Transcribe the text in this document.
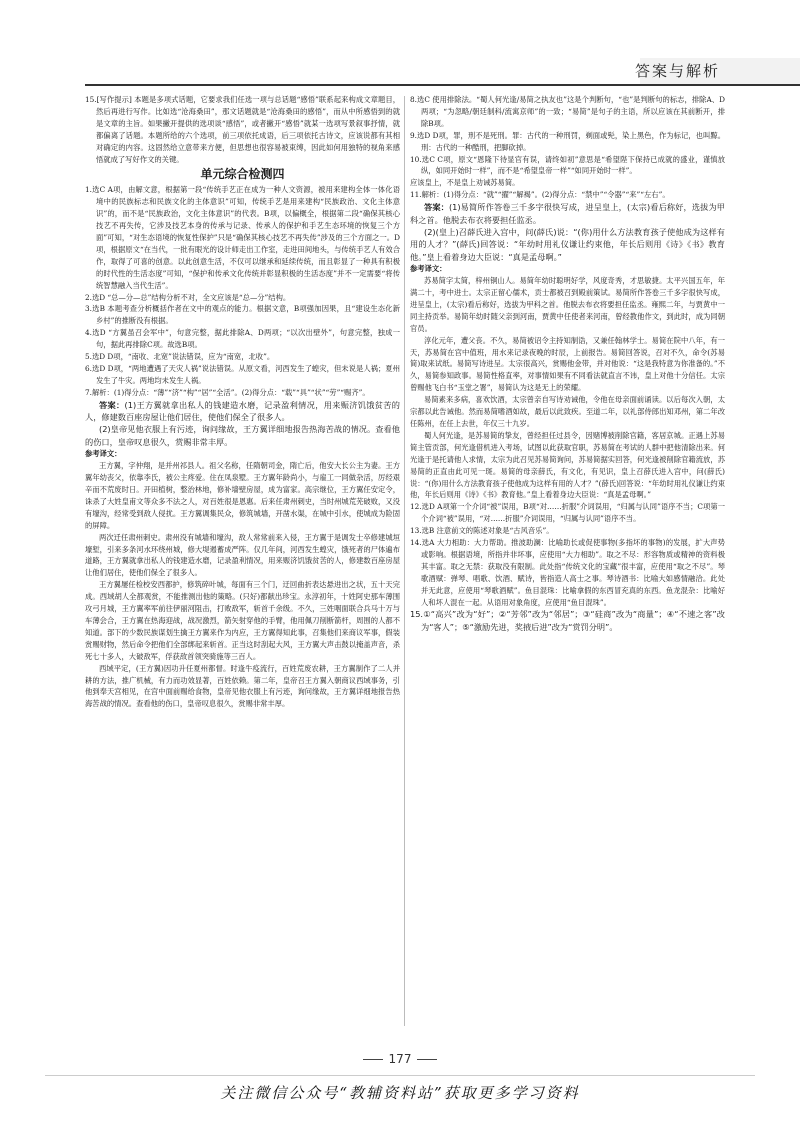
答案与解析

15.[写作提示] 本题是多项式话题，它要求我们任选一项与总话题“感悟”联系起来构成文章题目，然后再进行写作。比如选“沧海桑田”，那文话题就是“沧海桑田的感悟”，而从中所感悟到的就是文章的主旨。如果撇开提供的选项谈“感悟”，或者撇开“感悟”就某一选项写景叙事抒情，就都偏离了话题。本题所给的六个选项，前三项依托成语，后三项依托古诗文，应该说都有其相对确定的内容。这固然给立意带来方便，但思想也很容易被束缚，因此如何用独特的视角来感悟就成了写好作文的关键。

单元综合检测四

1.选C A项，由解文意，根据第一段“传统手艺正在成为一种人文资源，被用来建构全体一体化语境中的民族标志和民族文化的主体意识”可知，传统手艺是用来建构“民族政治、文化主体意识”的，而不是“民族政治，文化主体意识”的代表。B项，以偏概全，根据第二段“确保其核心技艺不再失传，它涉及技艺本身的传承与记录、传承人的保护和手艺生态环境的恢复三个方面”可知，“对生态语境的恢复性保护”只是“确保其核心技艺不再失传”涉及的三个方面之一。D项，根据原文“在当代，一批有眼光的设计师走出工作室，走进田间地头，与传统手艺人有效合作，取得了可喜的创意。以此创意生活，不仅可以继承和延续传统，而且彰显了一种具有积极的时代性的生活态度”可知，“保护和传承文化传统并彰显积极的生活态度”并不一定需要“将传统智慧融入当代生活”。

2.选D “总—分—总”结构分析不对，全文应该是“总—分”结构。

3.选B 本题考查分析概括作者在文中的观点的能力。根据文意，B项强加因果，且“建设生态化新乡村”的推断没有根据。

4.选D “方翼虽召会军中”，句意完整，据此排除A、D两项；“以次出壁外”，句意完整，独成一句，据此再排除C项。故选B项。

5.选D D项，“南收、北宽”说法错误，应为“南宽，北收”。

6.选D D项，“两地遭遇了天灾人祸”说法错误。从原文看，河西发生了蝗灾，但未说是人祸；夏州发生了牛灾。两地均未发生人祸。

7.解析：(1)得分点：“薄”“济”“构”“居”“全活”。(2)得分点：“载”“具”“状”“劳”“赐齐”。

答案：(1)王方翼就拿出私人的钱建造水磨，记录盈利情况，用来赈济饥饿贫苦的人，修建数百座房屋让他们居住，使他们保全了很多人。

(2)皇帝见他衣服上有污迹，询问缘故，王方翼详细地报告热海苦战的情况。查看他的伤口，皇帝叹息很久，赏赐非常丰厚。

参考译文：

王方翼，字仲翔，是并州祁县人。祖父名称，任隋朝司金，隋亡后，他安大长公主为妻。王方翼年幼丧父，依靠李氏，被公主疼爱。住在凤泉墅。王方翼年龄尚小，与雇工一同做杂活，厉经艰辛而不荒废时日。开田植树，整治林地，修补墙壁房屋，成为富家。高宗继位，王方翼任安定令，诛杀了大姓皇甫文等众多不法之人，对百姓很是恩惠。后来任肃州刺史，当时州城荒芜破败，又没有壕沟，经常受到敌人侵扰。王方翼调集民众，修筑城墙，开凿水渠，在城中引水，使城成为险固的屏障。

两次迁任肃州刺史。肃州没有城墙和壕沟，敌人常常前来入侵，王方翼于是调发士卒修建城垣壕堑，引来多条河水环绕州城，修大堤遏蓄成严阵。仅几年间，河西发生蝗灾，饿死者的尸体遍布道路，王方翼就拿出私人的钱建造水磨，记录盈利情况，用来赈济饥饿贫苦的人，修建数百座房屋让他们居住，使他们保全了很多人。

王方翼屡任检校安西都护，修筑碎叶城，每面有三个门，迂回曲折表达悬进出之状，五十天完成。西域胡人全都观赏，不能推测出他的策略。(只好)都献出珍宝。永淳初年，十姓阿史那车薄围攻弓月城，王方翼率军前往伊丽河阻击，打败敌军，斩首千余级。不久，三姓咽面联合兵马十万与车薄会合，王方翼在热海迎战，战况激烈，箭矢射穿他的手臂，他用佩刀削断箭杆，周围的人都不知道。部下的少数民族谋划生擒王方翼来作为内应，王方翼得知此事，召集他们来商议军事，假装赏赐财物，然后命令把他们全部绑起来斩首。正当这时刮起大风，王方翼大声击鼓以掩盖声音，杀死七十多人，大破敌军，俘获敌首领突骑施等三百人。

西域平定，(王方翼)因功升任夏州都督。时逢牛疫流行，百姓荒废农耕，王方翼制作了二人并耕的方法，推广机械，有力而功效显著，百姓依赖。第二年，皇帝召王方翼入朝商议西域事务，引他到奉天宫相见，在宫中面前赐给食物，皇帝见他衣服上有污迹，询问缘故，王方翼详细地报告热海苦战的情况。查看他的伤口，皇帝叹息很久，赏赐非常丰厚。

8.选C 使用排除法。“蜀人何光逢/易简之执友也”这是个判断句，“也”是判断句的标志，排除A、D两项；“为忽略/朝廷制科/流寓京师”的一致；“易简”是句子的主语，所以应该在其前断开，排除B项。

9.选D D项，罪，刑不是死刑。罪：古代的一种刑罚，剃面或髡，染上黑色，作为标记，也叫黥。刑：古代的一种酷刑，把脚砍掉。

10.选C C项，原文“恩隆下待显官有误，请终如初”意思是“希望陛下保持已成就的盛业，谨慎放纵，如同开始时一样”，而不是“希望皇帝一样”“如同开始时一样”。

应该皇上，不是皇上劝诫苏易简。

11.解析：(1)得分点：“就”“擢”“解褐”。(2)得分点：“禁中”“令器”“来”“左右”。

答案：(1)易简所作答卷三千多字很快写成，进呈皇上，(太宗)看后称好，选拔为甲科之首。他脱去布衣将要担任监丞。

(2)(皇上)召薛氏进入宫中，问(薛氏)说：“(你)用什么方法教育孩子使他成为这样有用的人才？”(薛氏)回答说：“年幼时用礼仪谦让约束他，年长后则用《诗》《书》教育他。”皇上看着身边大臣说：“真是孟母啊。”

参考译文：

苏易简字太简，梓州铜山人。易简年幼时聪明好学，风度奇秀，才思敏捷。太平兴国五年，年满二十，考中进士。太宗正留心儒术，贡士都被召到殿前策试。易简所作答卷三千多字很快写成，进呈皇上，(太宗)看后称好，选拔为甲科之首。他脱去布衣将要担任监丞。雍熙二年，与贾黄中一同主持贡举。易简年幼时随父亲到河南，贾黄中任使者来河南，曾经教他作文，到此时，成为同朝官员。

淳化元年，遭父丧。不久，易简被诏令主持知制诰，又兼任翰林学士。易简在院中八年，有一天，苏易简在宫中值班，用水来记录夜晚的时辰，上前报告。易简回答说，召对不久，命令(苏易简)取来试纸。易简写诗进呈。太宗很高兴，赏赐他金带，并对他说：“这是我特意为你准备的。”不久，易简参知政事。易简性格直率，对事情如果有不同看法就直言不讳，皇上对他十分信任。太宗曾赐他飞白书“玉堂之署”，易简认为这是无上的荣耀。

易简素来多病，喜欢饮酒，太宗曾亲自写诗劝诫他，令他在母亲面前诵读。以后每次入朝，太宗都以此告诫他。然而易简嗜酒如故，最后以此致疾。至道二年，以礼部侍郎出知邓州，第二年改任陈州，在任上去世，年仅三十九岁。

蜀人何光逢，是苏易简的挚友，曾经担任过县令，因赌博被削除官籍，客居京城。正遇上苏易简主管贡部，何光逢借机进入考场，试图以此获取官职，苏易简在考试的人群中把他清除出来。何光逢于是托请他人求情，太宗为此召见苏易简询问，苏易简据实回答，何光逢被削除官籍流放，苏易简的正直由此可见一斑。易简的母亲薛氏，有文化，有见识，皇上召薛氏进入宫中，问(薛氏)说：“(你)用什么方法教育孩子使他成为这样有用的人才？”(薛氏)回答说：“年幼时用礼仪谦让约束他，年长后则用《诗》《书》教育他。”皇上看着身边大臣说：“真是孟母啊。”

12.选D A项第一个介词“被”误用，B项“对……折服”介词误用，“归属与认同”语序不当；C项第一个介词“被”误用，“对……折服”介词误用，“归属与认同”语序不当。

13.选B 注意前文的陈述对象是“古风音乐”。

14.选A 大力相助：大力帮助。推波助澜：比喻助长或促使事物(多指坏的事物)的发展，扩大声势或影响。根据语境，所指并非坏事，应使用“大力相助”。取之不尽：形容物质或精神的资料极其丰富。取之无禁：获取没有限制。此处指“传统文化的宝藏”很丰富，应使用“取之不尽”。琴歌酒赋：弹琴、唱歌、饮酒、赋诗，皆指造人高士之事。琴诗酒书：比喻大如感情融洽。此处并无此意，应使用“琴歌酒赋”。鱼目混珠：比喻拿假的东西冒充真的东西。鱼龙混杂：比喻好人和坏人混在一起。从语用对象角度，应使用“鱼目混珠”。

15.①“高兴”改为“好”；②“芳邻”改为“邻居”；③“硅商”改为“商量”；④“不速之客”改为“客人”；⑤“激励先进，奖掖后进”改为“赏罚分明”。

177
关注微信公众号“教辅资料站”获取更多学习资料
